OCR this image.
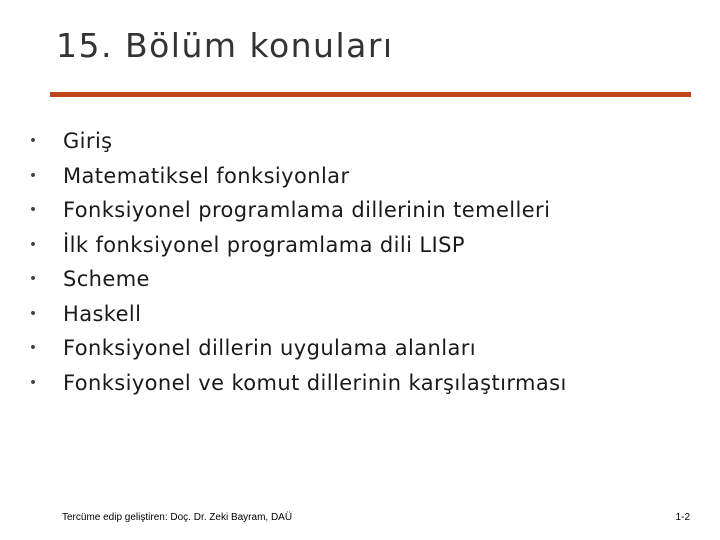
15. Bölüm konuları
• Giriş
• Matematiksel fonksiyonlar
• Fonksiyonel programlama dillerinin temelleri
• İlk fonksiyonel programlama dili LISP
• Scheme
• Haskell
• Fonksiyonel dillerin uygulama alanları
• Fonksiyonel ve komut dillerinin karşılaştırması
Tercüme edip geliştiren: Doç. Dr. Zeki Bayram, DAÜ	1-2
